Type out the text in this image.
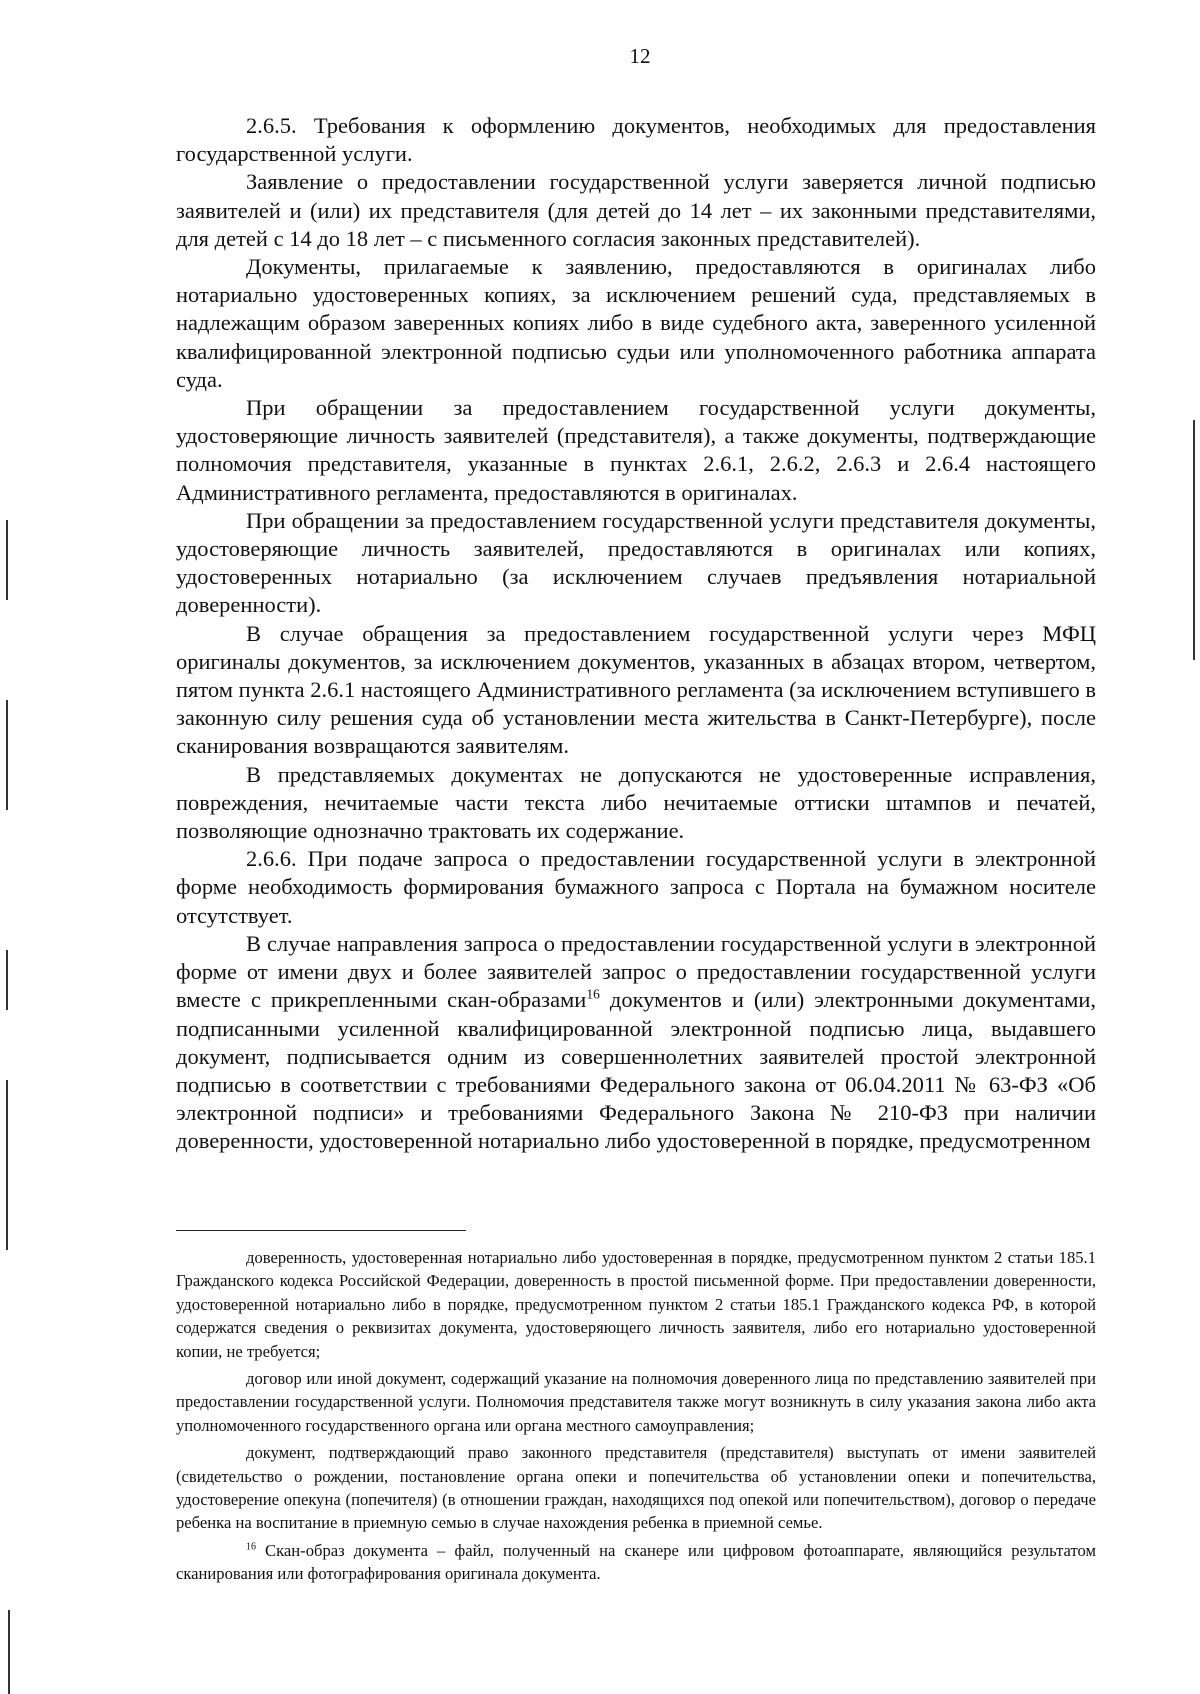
12

2.6.5. Требования к оформлению документов, необходимых для предоставления государственной услуги.

Заявление о предоставлении государственной услуги заверяется личной подписью заявителей и (или) их представителя (для детей до 14 лет – их законными представителями, для детей с 14 до 18 лет – с письменного согласия законных представителей).

Документы, прилагаемые к заявлению, предоставляются в оригиналах либо нотариально удостоверенных копиях, за исключением решений суда, представляемых в надлежащим образом заверенных копиях либо в виде судебного акта, заверенного усиленной квалифицированной электронной подписью судьи или уполномоченного работника аппарата суда.

При обращении за предоставлением государственной услуги документы, удостоверяющие личность заявителей (представителя), а также документы, подтверждающие полномочия представителя, указанные в пунктах 2.6.1, 2.6.2, 2.6.3 и 2.6.4 настоящего Административного регламента, предоставляются в оригиналах.

При обращении за предоставлением государственной услуги представителя документы, удостоверяющие личность заявителей, предоставляются в оригиналах или копиях, удостоверенных нотариально (за исключением случаев предъявления нотариальной доверенности).

В случае обращения за предоставлением государственной услуги через МФЦ оригиналы документов, за исключением документов, указанных в абзацах втором, четвертом, пятом пункта 2.6.1 настоящего Административного регламента (за исключением вступившего в законную силу решения суда об установлении места жительства в Санкт-Петербурге), после сканирования возвращаются заявителям.

В представляемых документах не допускаются не удостоверенные исправления, повреждения, нечитаемые части текста либо нечитаемые оттиски штампов и печатей, позволяющие однозначно трактовать их содержание.

2.6.6. При подаче запроса о предоставлении государственной услуги в электронной форме необходимость формирования бумажного запроса с Портала на бумажном носителе отсутствует.

В случае направления запроса о предоставлении государственной услуги в электронной форме от имени двух и более заявителей запрос о предоставлении государственной услуги вместе с прикрепленными скан-образами$^{16}$ документов и (или) электронными документами, подписанными усиленной квалифицированной электронной подписью лица, выдавшего документ, подписывается одним из совершеннолетних заявителей простой электронной подписью в соответствии с требованиями Федерального закона от 06.04.2011 № 63-ФЗ «Об электронной подписи» и требованиями Федерального Закона № 210-ФЗ при наличии доверенности, удостоверенной нотариально либо удостоверенной в порядке, предусмотренном

доверенность, удостоверенная нотариально либо удостоверенная в порядке, предусмотренном пунктом 2 статьи 185.1 Гражданского кодекса Российской Федерации, доверенность в простой письменной форме. При предоставлении доверенности, удостоверенной нотариально либо в порядке, предусмотренном пунктом 2 статьи 185.1 Гражданского кодекса РФ, в которой содержатся сведения о реквизитах документа, удостоверяющего личность заявителя, либо его нотариально удостоверенной копии, не требуется;

договор или иной документ, содержащий указание на полномочия доверенного лица по представлению заявителей при предоставлении государственной услуги. Полномочия представителя также могут возникнуть в силу указания закона либо акта уполномоченного государственного органа или органа местного самоуправления;

документ, подтверждающий право законного представителя (представителя) выступать от имени заявителей (свидетельство о рождении, постановление органа опеки и попечительства об установлении опеки и попечительства, удостоверение опекуна (попечителя) (в отношении граждан, находящихся под опекой или попечительством), договор о передаче ребенка на воспитание в приемную семью в случае нахождения ребенка в приемной семье.

$^{16}$ Скан-образ документа – файл, полученный на сканере или цифровом фотоаппарате, являющийся результатом сканирования или фотографирования оригинала документа.
